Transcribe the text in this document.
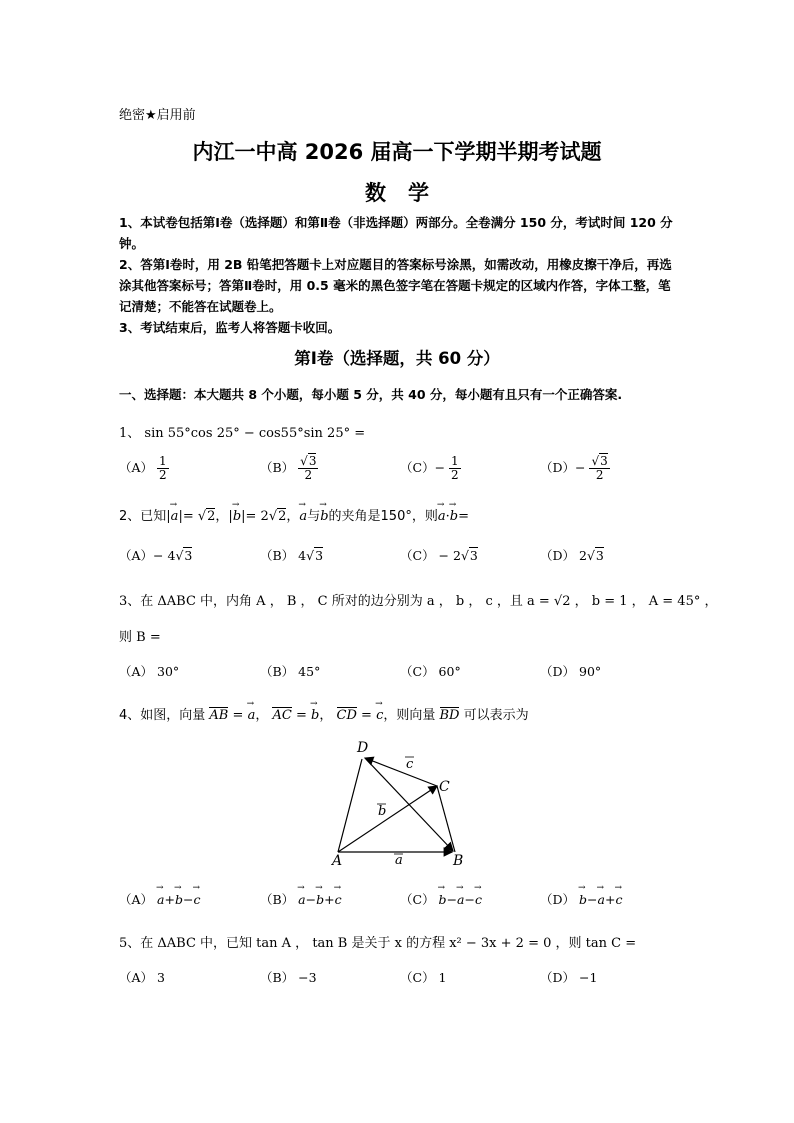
绝密★启用前
内江一中高 2026 届高一下学期半期考试题
数学

1、本试卷包括第Ⅰ卷（选择题）和第Ⅱ卷（非选择题）两部分。全卷满分 150 分，考试时间 120 分钟。

2、答第Ⅰ卷时，用 2B 铅笔把答题卡上对应题目的答案标号涂黑，如需改动，用橡皮擦干净后，再选涂其他答案标号；答第Ⅱ卷时，用 0.5 毫米的黑色签字笔在答题卡规定的区域内作答，字体工整，笔记清楚；不能答在试题卷上。

3、考试结束后，监考人将答题卡收回。

第Ⅰ卷（选择题，共 60 分）
一、选择题：本大题共 8 个小题，每小题 5 分，共 40 分，每小题有且只有一个正确答案.
1、 sin 55°cos 25° − cos55°sin 25° =
$(A) \frac{1}{2}$	$(B) \frac{√3}{2}$	$(C)- \frac{1}{2}$	$(D)- \frac{√3}{2}$
2、已知|→ a|= √2，|→ b|= 2√2，→ a与→ b的夹角是150°，则→ a·→ b=
（A）− 4√3	（B） 4√3	（C） − 2√3	（D） 2√3
3、在 ΔABC 中，内角 A ， B ， C 所对的边分别为 a ， b ， c ，且 a = √2 ， b = 1 ， A = 45° ，
则 B =
（A） 30°	（B） 45°	（C） 60°	（D） 90°
4、如图，向量 AB = → a， AC = → b， CD = → c，则向量 BD 可以表示为
A	B
C
D
a
b
c
（A） → a+→ b−→ c	（B） → a−→ b+→ c	（C） → b−→ a−→ c	（D） → b−→ a+→ c
5、在 ΔABC 中，已知 tan A ， tan B 是关于 x 的方程 x² − 3x + 2 = 0 ，则 tan C =
（A） 3	（B） −3	（C） 1	（D） −1
